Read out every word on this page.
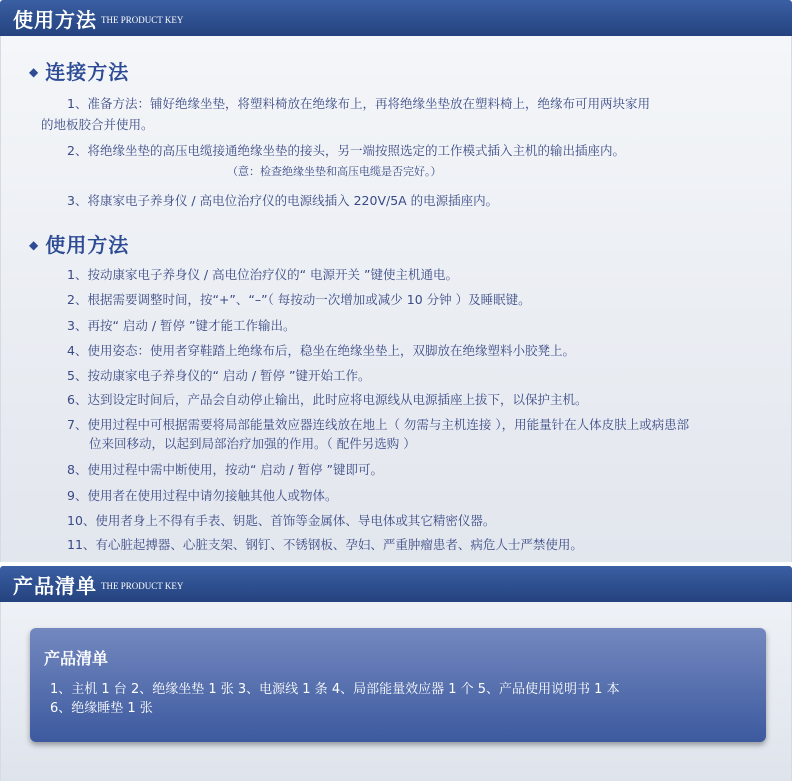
使用方法 THE PRODUCT KEY
◆ 连接方法
1、准备方法：铺好绝缘坐垫，将塑料椅放在绝缘布上，再将绝缘坐垫放在塑料椅上，绝缘布可用两块家用
的地板胶合并使用。
2、将绝缘坐垫的高压电缆接通绝缘坐垫的接头，另一端按照选定的工作模式插入主机的输出插座内。
（意：检查绝缘坐垫和高压电缆是否完好。）
3、将康家电子养身仪 / 高电位治疗仪的电源线插入 220V/5A 的电源插座内。
◆ 使用方法
1、按动康家电子养身仪 / 高电位治疗仪的“ 电源开关 ”键使主机通电。
2、根据需要调整时间，按“+”、“–”（ 每按动一次增加或减少 10 分钟 ）及睡眠键。
3、再按“ 启动 / 暂停 ”键才能工作输出。
4、使用姿态：使用者穿鞋踏上绝缘布后，稳坐在绝缘坐垫上，双脚放在绝缘塑料小胶凳上。
5、按动康家电子养身仪的“ 启动 / 暂停 ”键开始工作。
6、达到设定时间后，产品会自动停止输出，此时应将电源线从电源插座上拔下，以保护主机。
7、使用过程中可根据需要将局部能量效应器连线放在地上（ 勿需与主机连接 ），用能量针在人体皮肤上或病患部
位来回移动，以起到局部治疗加强的作用。（ 配件另选购 ）
8、使用过程中需中断使用，按动“ 启动 / 暂停 ”键即可。
9、使用者在使用过程中请勿接触其他人或物体。
10、使用者身上不得有手表、钥匙、首饰等金属体、导电体或其它精密仪器。
11、有心脏起搏器、心脏支架、钢钉、不锈钢板、孕妇、严重肿瘤患者、病危人士严禁使用。
产品清单 THE PRODUCT KEY
产品清单
1、主机 1 台 2、绝缘坐垫 1 张 3、电源线 1 条 4、局部能量效应器 1 个 5、产品使用说明书 1 本
6、绝缘睡垫 1 张
